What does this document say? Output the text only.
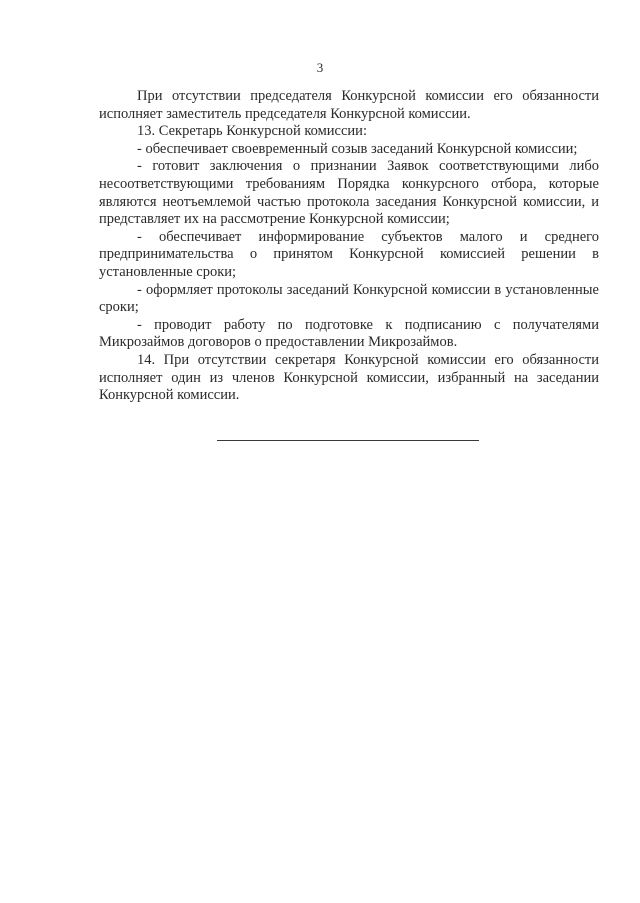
3

При отсутствии председателя Конкурсной комиссии его обязанности исполняет заместитель председателя Конкурсной комиссии.

13. Секретарь Конкурсной комиссии:

- обеспечивает своевременный созыв заседаний Конкурсной комиссии;

- готовит заключения о признании Заявок соответствующими либо несоответствующими требованиям Порядка конкурсного отбора, которые являются неотъемлемой частью протокола заседания Конкурсной комиссии, и представляет их на рассмотрение Конкурсной комиссии;

- обеспечивает информирование субъектов малого и среднего предпринимательства о принятом Конкурсной комиссией решении в установленные сроки;

- оформляет протоколы заседаний Конкурсной комиссии в установленные сроки;

- проводит работу по подготовке к подписанию с получателями Микрозаймов договоров о предоставлении Микрозаймов.

14. При отсутствии секретаря Конкурсной комиссии его обязанности исполняет один из членов Конкурсной комиссии, избранный на заседании Конкурсной комиссии.
